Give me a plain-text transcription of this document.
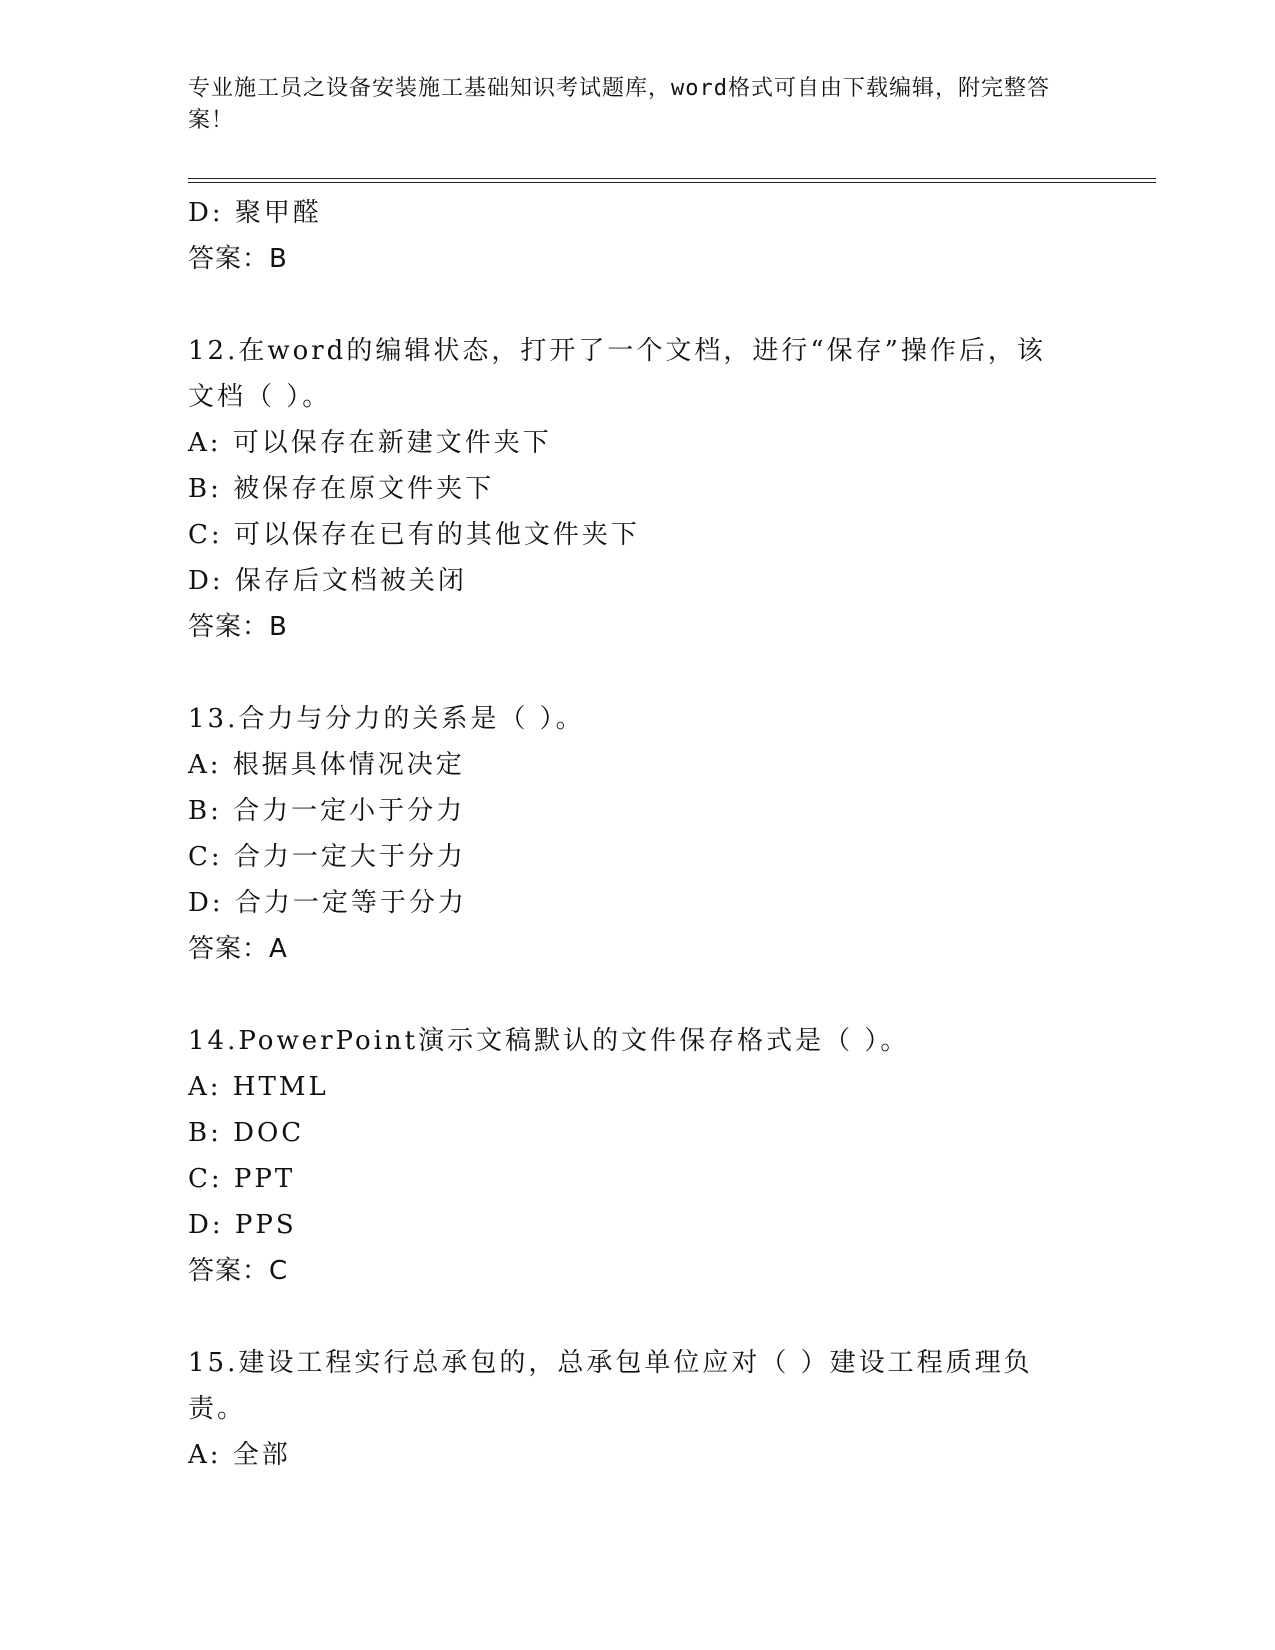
专业施工员之设备安装施工基础知识考试题库，word格式可自由下载编辑，附完整答案！
D: 聚甲醛
答案：B
12.在word的编辑状态，打开了一个文档，进行“保存”操作后，该文档（ ）。
A: 可以保存在新建文件夹下
B: 被保存在原文件夹下
C: 可以保存在已有的其他文件夹下
D: 保存后文档被关闭
答案：B
13.合力与分力的关系是（ ）。
A: 根据具体情况决定
B: 合力一定小于分力
C: 合力一定大于分力
D: 合力一定等于分力
答案：A
14.PowerPoint演示文稿默认的文件保存格式是（ ）。
A: HTML
B: DOC
C: PPT
D: PPS
答案：C
15.建设工程实行总承包的，总承包单位应对（ ）建设工程质理负责。
A: 全部
